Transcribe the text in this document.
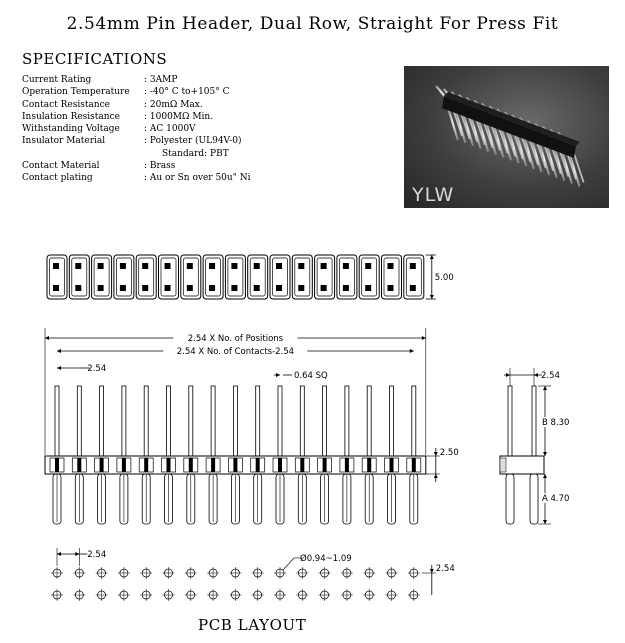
2.54mm Pin Header, Dual Row, Straight For Press Fit
SPECIFICATIONS
Current Rating	: 3AMP
Operation Temperature	: -40° C to+105° C
Contact Resistance	: 20mΩ Max.
Insulation Resistance	: 1000MΩ Min.
Withstanding Voltage	: AC 1000V
Insulator Material	: Polyester (UL94V-0)
Standard: PBT
Contact Material	: Brass
Contact plating	: Au or Sn over 50u" Ni
YLW
5.00
2.54 X No. of Positions
2.54 X No. of Contacts-2.54
2.54
0.64 SQ
2.50
2.54
B 8.30
A 4.70
2.54	Ø0.94~1.09
2.54
PCB LAYOUT
